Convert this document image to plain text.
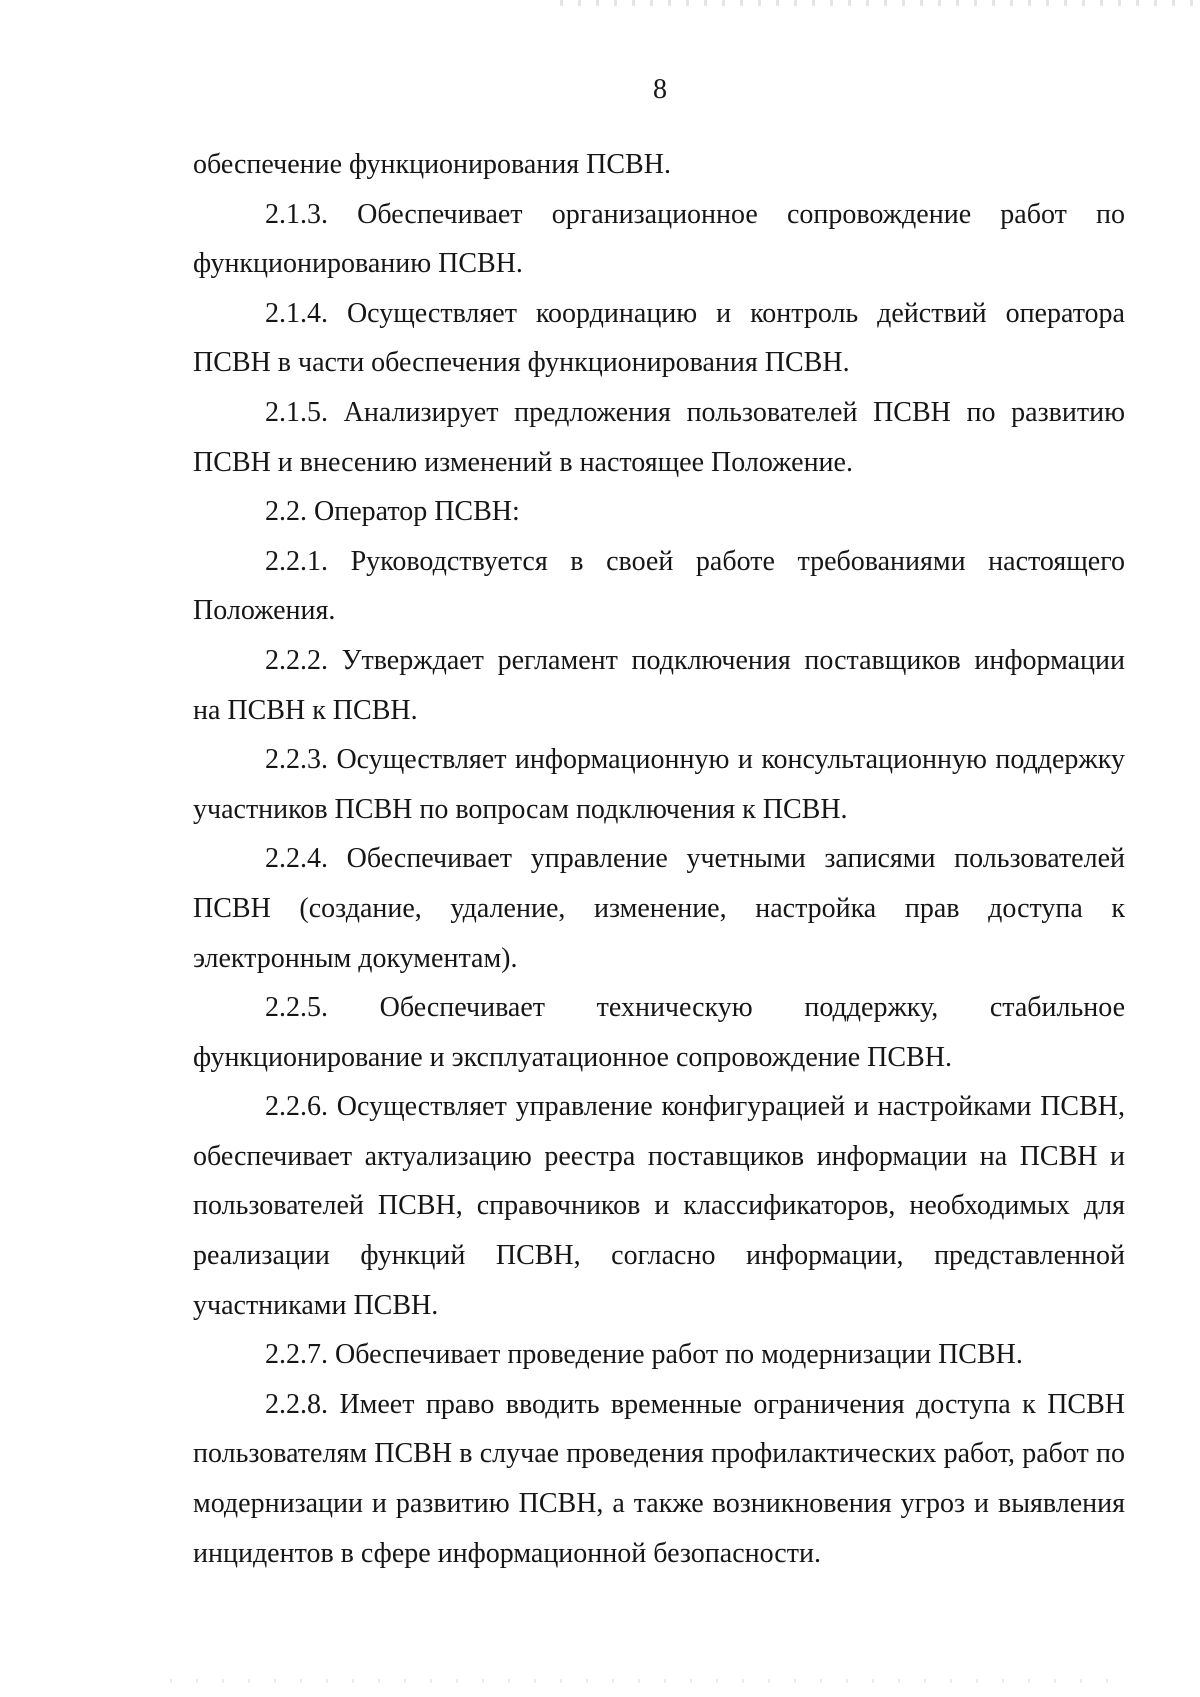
8

обеспечение функционирования ПСВН.

2.1.3. Обеспечивает организационное сопровождение работ по функционированию ПСВН.

2.1.4. Осуществляет координацию и контроль действий оператора ПСВН в части обеспечения функционирования ПСВН.

2.1.5. Анализирует предложения пользователей ПСВН по развитию ПСВН и внесению изменений в настоящее Положение.

2.2. Оператор ПСВН:

2.2.1. Руководствуется в своей работе требованиями настоящего Положения.

2.2.2. Утверждает регламент подключения поставщиков информации на ПСВН к ПСВН.

2.2.3. Осуществляет информационную и консультационную поддержку участников ПСВН по вопросам подключения к ПСВН.

2.2.4. Обеспечивает управление учетными записями пользователей ПСВН (создание, удаление, изменение, настройка прав доступа к электронным документам).

2.2.5. Обеспечивает техническую поддержку, стабильное функционирование и эксплуатационное сопровождение ПСВН.

2.2.6. Осуществляет управление конфигурацией и настройками ПСВН, обеспечивает актуализацию реестра поставщиков информации на ПСВН и пользователей ПСВН, справочников и классификаторов, необходимых для реализации функций ПСВН, согласно информации, представленной участниками ПСВН.

2.2.7. Обеспечивает проведение работ по модернизации ПСВН.

2.2.8. Имеет право вводить временные ограничения доступа к ПСВН пользователям ПСВН в случае проведения профилактических работ, работ по модернизации и развитию ПСВН, а также возникновения угроз и выявления инцидентов в сфере информационной безопасности.
